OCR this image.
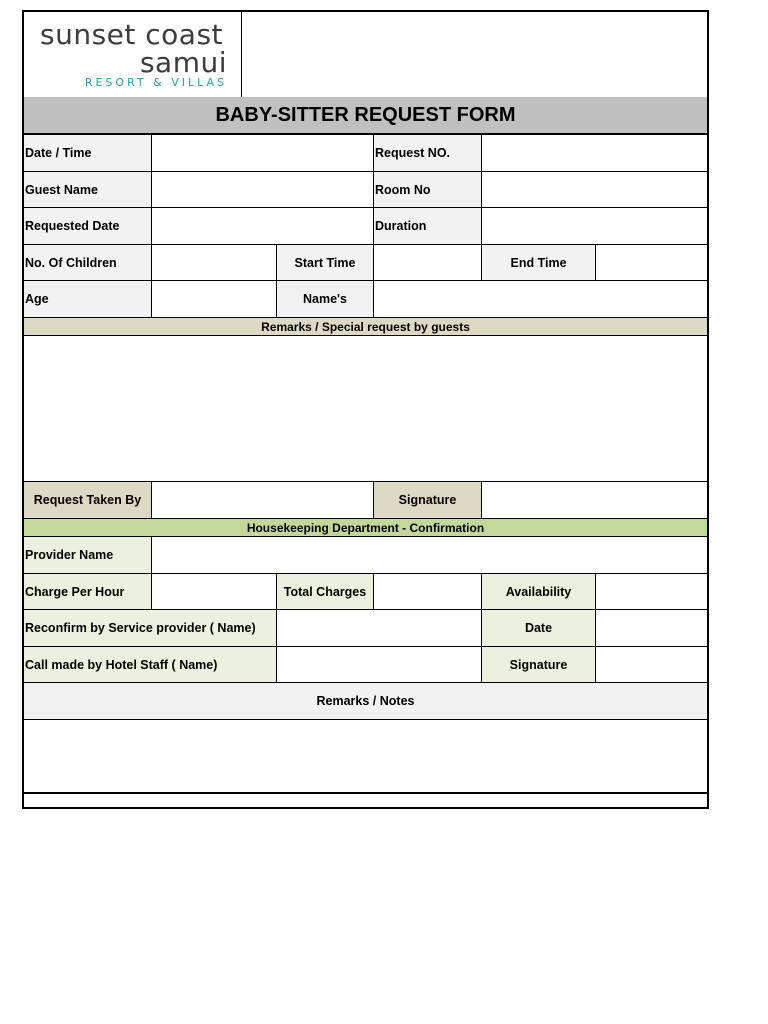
sunset coast
samui
RESORT & VILLAS
BABY-SITTER REQUEST FORM
Date / Time	Request NO.
Guest Name	Room No
Requested Date	Duration
No. Of Children	Start Time	End Time
Age	Name's
Remarks / Special request by guests
Request Taken By	Signature
Housekeeping Department - Confirmation
Provider Name
Charge Per Hour	Total Charges	Availability
Reconfirm by Service provider ( Name)	Date
Call made by Hotel Staff ( Name)	Signature
Remarks / Notes
